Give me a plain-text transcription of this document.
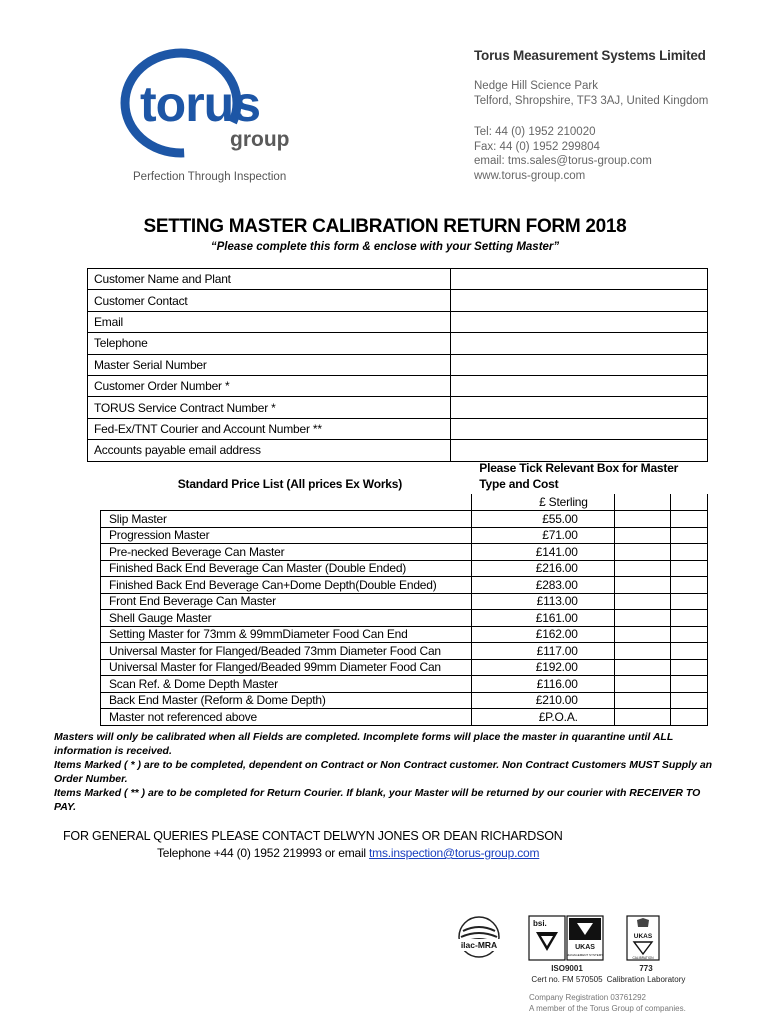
torus
group
Perfection Through Inspection
Torus Measurement Systems Limited
Nedge Hill Science Park
Telford, Shropshire, TF3 3AJ, United Kingdom
Tel: 44 (0) 1952 210020
Fax: 44 (0) 1952 299804
email: tms.sales@torus-group.com
www.torus-group.com
SETTING MASTER CALIBRATION RETURN FORM 2018
“Please complete this form & enclose with your Setting Master”
Customer Name and Plant	
Customer Contact	
Email	
Telephone	
Master Serial Number	
Customer Order Number *	
TORUS Service Contract Number *	
Fed-Ex/TNT Courier and Account Number **	
Accounts payable email address	
Standard Price List (All prices Ex Works)	Please Tick Relevant Box for Master Type and Cost		
	£ Sterling		
Slip Master	£55.00		
Progression Master	£71.00		
Pre-necked Beverage Can Master	£141.00		
Finished Back End Beverage Can Master (Double Ended)	£216.00		
Finished Back End Beverage Can+Dome Depth(Double Ended)	£283.00		
Front End Beverage Can Master	£113.00		
Shell Gauge Master	£161.00		
Setting Master for 73mm & 99mmDiameter Food Can End	£162.00		
Universal Master for Flanged/Beaded 73mm Diameter Food Can	£117.00		
Universal Master for Flanged/Beaded 99mm Diameter Food Can	£192.00		
Scan Ref. & Dome Depth Master	£116.00		
Back End Master (Reform & Dome Depth)	£210.00		
Master not referenced above	£P.O.A.		
Masters will only be calibrated when all Fields are completed. Incomplete forms will place the master in quarantine until ALL information is received.
Items Marked ( * ) are to be completed, dependent on Contract or Non Contract customer. Non Contract Customers MUST Supply an Order Number.
Items Marked ( ** ) are to be completed for Return Courier. If blank, your Master will be returned by our courier with RECEIVER TO PAY.
FOR GENERAL QUERIES PLEASE CONTACT DELWYN JONES OR DEAN RICHARDSON
Telephone +44 (0) 1952 219993 or email tms.inspection@torus-group.com
ilac-MRA
bsi.
UKAS
MANAGEMENT SYSTEMS
UKAS
CALIBRATION
ISO9001
Cert no. FM 570505
773
Calibration Laboratory
Company Registration 03761292
A member of the Torus Group of companies.
